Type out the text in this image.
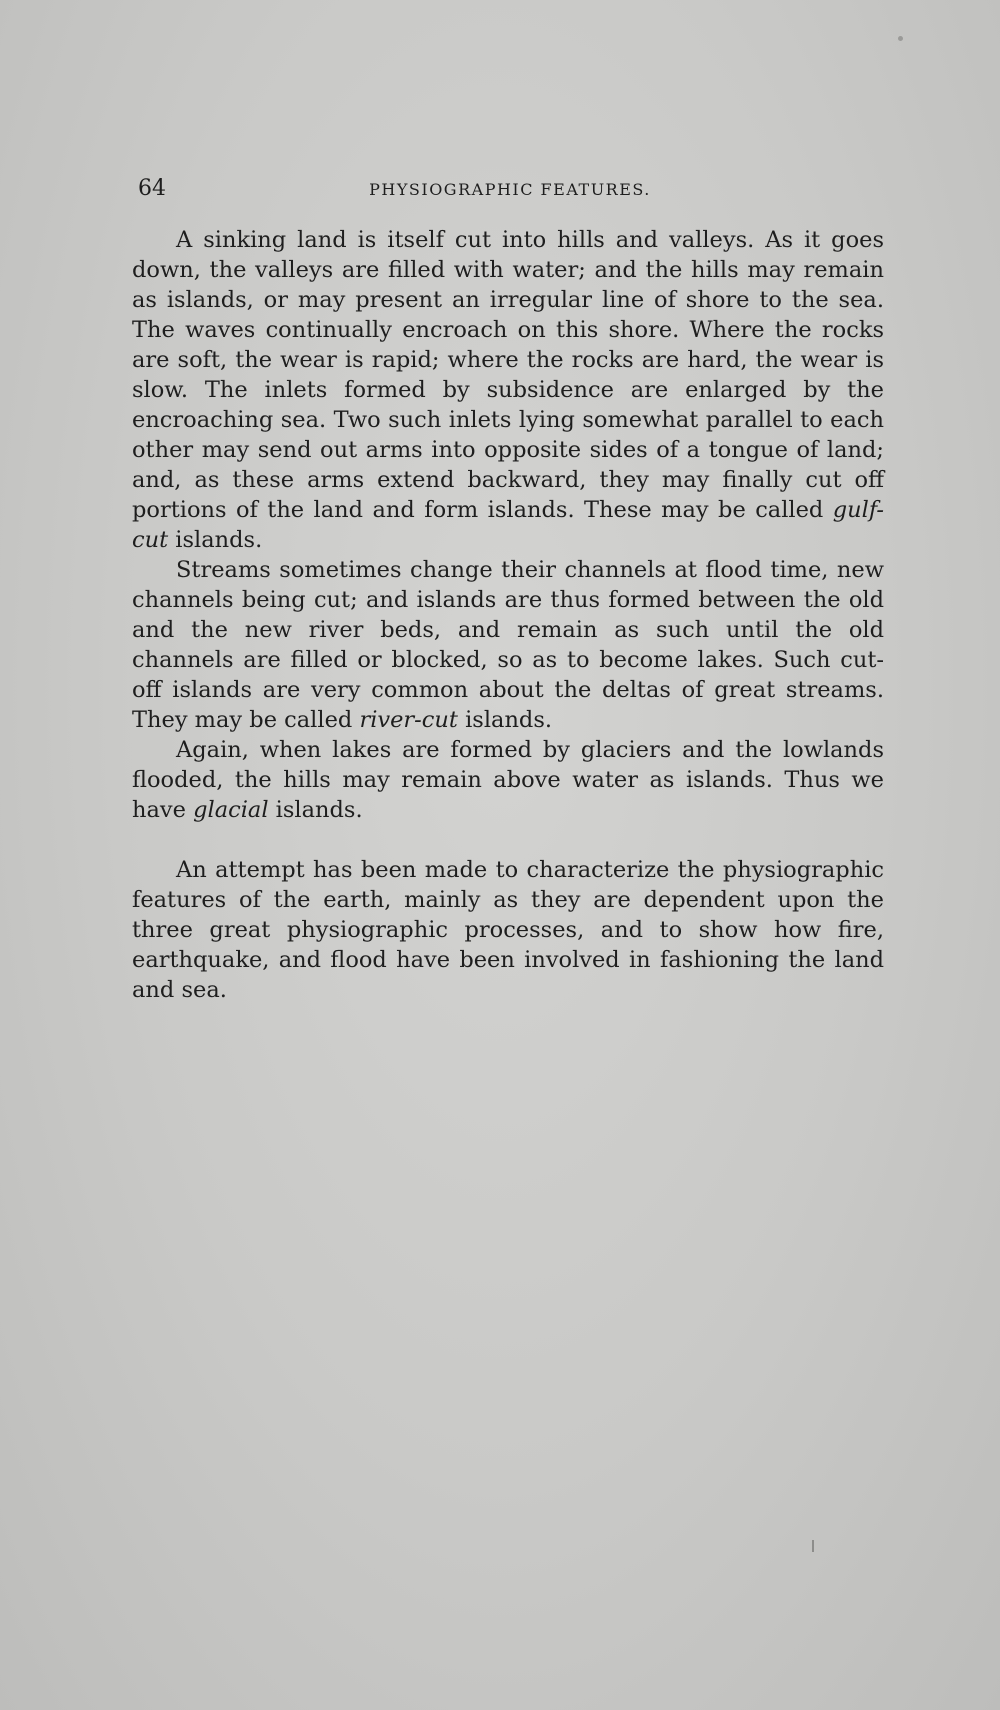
64	PHYSIOGRAPHIC FEATURES.

A sinking land is itself cut into hills and valleys. As it goes down, the valleys are filled with water; and the hills may remain as islands, or may present an irregular line of shore to the sea. The waves continually encroach on this shore. Where the rocks are soft, the wear is rapid; where the rocks are hard, the wear is slow. The inlets formed by subsidence are enlarged by the encroaching sea. Two such inlets lying somewhat parallel to each other may send out arms into opposite sides of a tongue of land; and, as these arms extend backward, they may finally cut off portions of the land and form islands. These may be called gulf-cut islands.

Streams sometimes change their channels at flood time, new channels being cut; and islands are thus formed between the old and the new river beds, and remain as such until the old channels are filled or blocked, so as to become lakes. Such cut-off islands are very common about the deltas of great streams. They may be called river-cut islands.

Again, when lakes are formed by glaciers and the lowlands flooded, the hills may remain above water as islands. Thus we have glacial islands.

An attempt has been made to characterize the physiographic features of the earth, mainly as they are dependent upon the three great physiographic processes, and to show how fire, earthquake, and flood have been involved in fashioning the land and sea.
